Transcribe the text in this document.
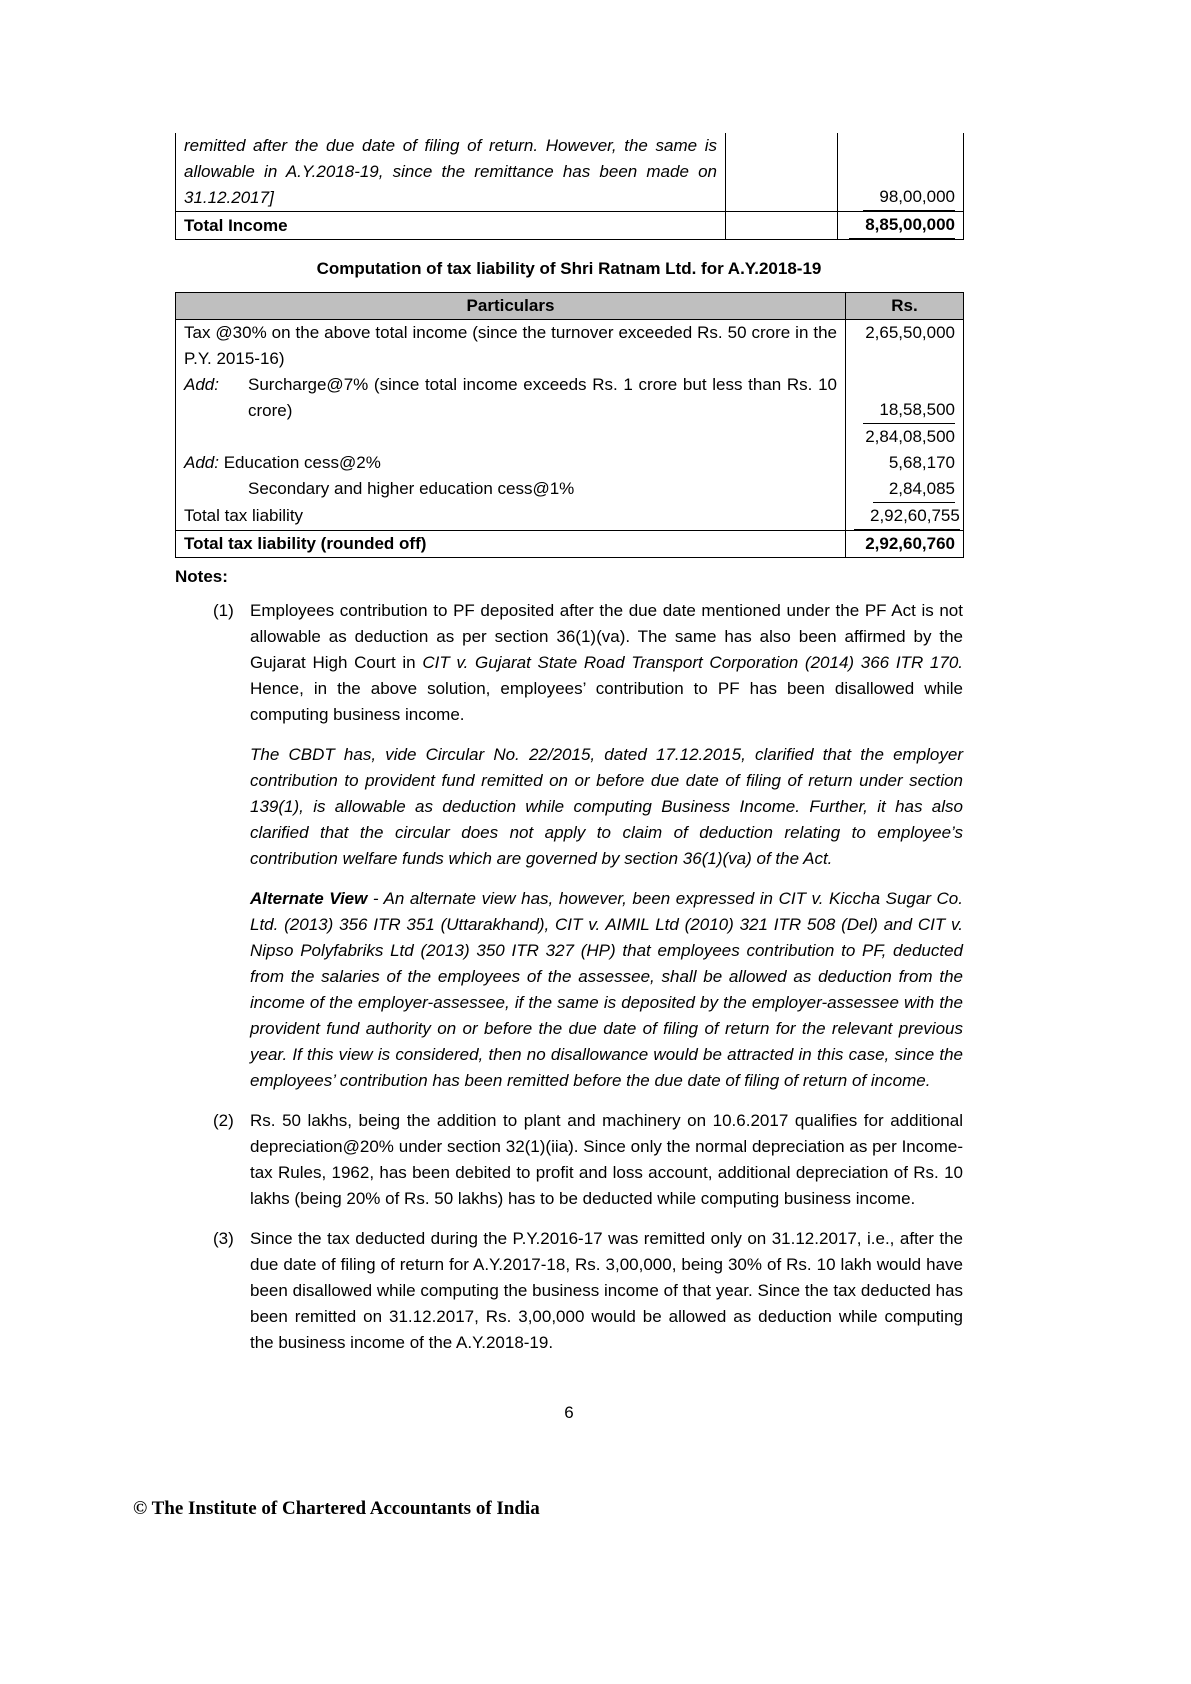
remitted after the due date of filing of return. However, the same is allowable in A.Y.2018-19, since the remittance has been made on 31.12.2017]		98,00,000
Total Income		8,85,00,000
Computation of tax liability of Shri Ratnam Ltd. for A.Y.2018-19
Particulars	Rs.

Tax @30% on the above total income (since the turnover exceeded Rs. 50 crore in the P.Y. 2015-16)	2,65,50,000

Add: Surcharge@7% (since total income exceeds Rs. 1 crore but less than Rs. 10 crore)	18,58,500
	2,84,08,500
Add: Education cess@2%	5,68,170
Secondary and higher education cess@1%	2,84,085
Total tax liability	2,92,60,755
Total tax liability (rounded off)	2,92,60,760
Notes:
(1) Employees contribution to PF deposited after the due date mentioned under the PF Act is not allowable as deduction as per section 36(1)(va). The same has also been affirmed by the Gujarat High Court in CIT v. Gujarat State Road Transport Corporation (2014) 366 ITR 170. Hence, in the above solution, employees’ contribution to PF has been disallowed while computing business income.

The CBDT has, vide Circular No. 22/2015, dated 17.12.2015, clarified that the employer contribution to provident fund remitted on or before due date of filing of return under section 139(1), is allowable as deduction while computing Business Income. Further, it has also clarified that the circular does not apply to claim of deduction relating to employee’s contribution welfare funds which are governed by section 36(1)(va) of the Act.

Alternate View - An alternate view has, however, been expressed in CIT v. Kiccha Sugar Co. Ltd. (2013) 356 ITR 351 (Uttarakhand), CIT v. AIMIL Ltd (2010) 321 ITR 508 (Del) and CIT v. Nipso Polyfabriks Ltd (2013) 350 ITR 327 (HP) that employees contribution to PF, deducted from the salaries of the employees of the assessee, shall be allowed as deduction from the income of the employer-assessee, if the same is deposited by the employer-assessee with the provident fund authority on or before the due date of filing of return for the relevant previous year. If this view is considered, then no disallowance would be attracted in this case, since the employees’ contribution has been remitted before the due date of filing of return of income.

(2) Rs. 50 lakhs, being the addition to plant and machinery on 10.6.2017 qualifies for additional depreciation@20% under section 32(1)(iia). Since only the normal depreciation as per Income-tax Rules, 1962, has been debited to profit and loss account, additional depreciation of Rs. 10 lakhs (being 20% of Rs. 50 lakhs) has to be deducted while computing business income.

(3) Since the tax deducted during the P.Y.2016-17 was remitted only on 31.12.2017, i.e., after the due date of filing of return for A.Y.2017-18, Rs. 3,00,000, being 30% of Rs. 10 lakh would have been disallowed while computing the business income of that year. Since the tax deducted has been remitted on 31.12.2017, Rs. 3,00,000 would be allowed as deduction while computing the business income of the A.Y.2018-19.

6
© The Institute of Chartered Accountants of India
